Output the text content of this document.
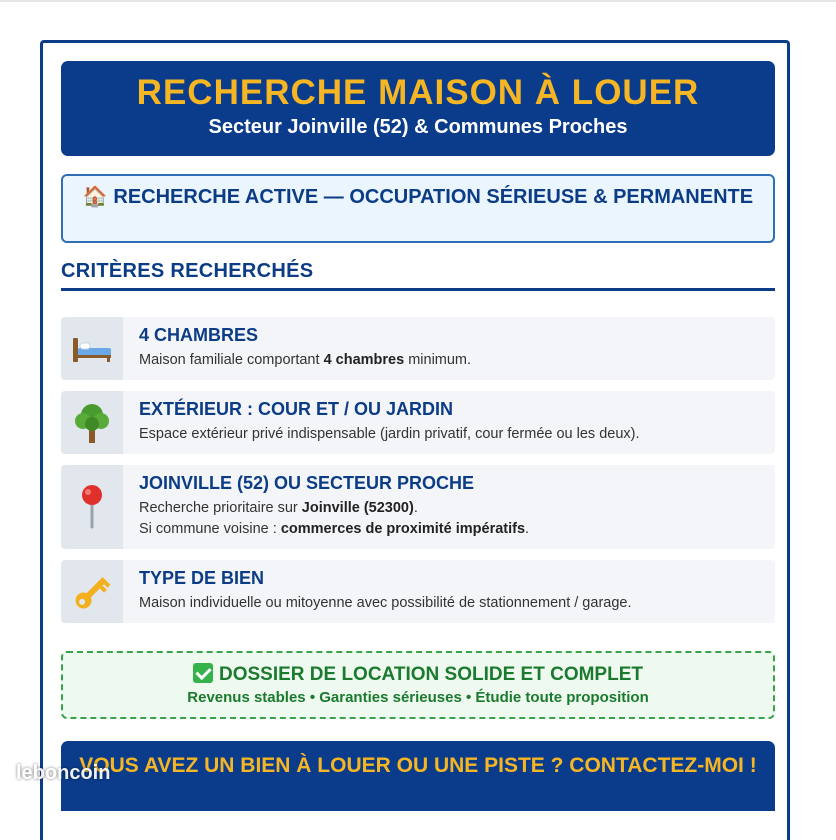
RECHERCHE MAISON À LOUER
Secteur Joinville (52) & Communes Proches
🏠 RECHERCHE ACTIVE — OCCUPATION SÉRIEUSE & PERMANENTE
CRITÈRES RECHERCHÉS
4 CHAMBRES
Maison familiale comportant 4 chambres minimum.
EXTÉRIEUR : COUR ET / OU JARDIN
Espace extérieur privé indispensable (jardin privatif, cour fermée ou les deux).
JOINVILLE (52) OU SECTEUR PROCHE
Recherche prioritaire sur Joinville (52300).
Si commune voisine : commerces de proximité impératifs.
TYPE DE BIEN
Maison individuelle ou mitoyenne avec possibilité de stationnement / garage.
DOSSIER DE LOCATION SOLIDE ET COMPLET
Revenus stables • Garanties sérieuses • Étudie toute proposition
VOUS AVEZ UN BIEN À LOUER OU UNE PISTE ? CONTACTEZ-MOI !
leboncoin
